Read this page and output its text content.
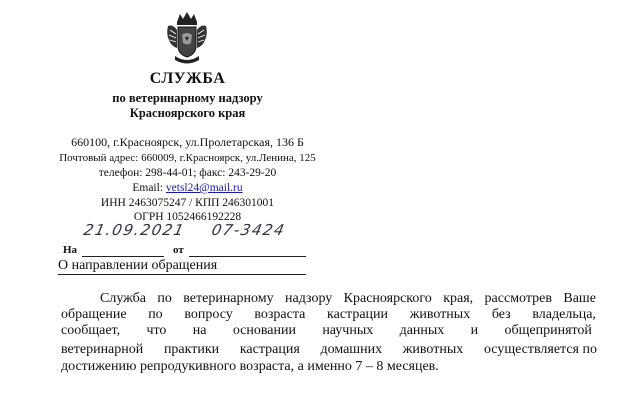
СЛУЖБА
по ветеринарному надзору
Красноярского края
660100, г.Красноярск, ул.Пролетарская, 136 Б
Почтовый адрес: 660009, г.Красноярск, ул.Ленина, 125
телефон: 298-44-01; факс: 243-29-20
Email: vetsl24@mail.ru
ИНН 2463075247 / КПП 246301001
ОГРН 1052466192228
21.09.2021 07-3424
На	от
О направлении обращения
Служба по ветеринарному надзору Красноярского края, рассмотрев Ваше
обращение по вопросу возраста кастрации животных без владельца,
сообщает, что на основании научных данных и общепринятой
ветеринарной практики кастрация домашних животных осуществляется по
достижению репродукивного возраста, а именно 7 – 8 месяцев.
